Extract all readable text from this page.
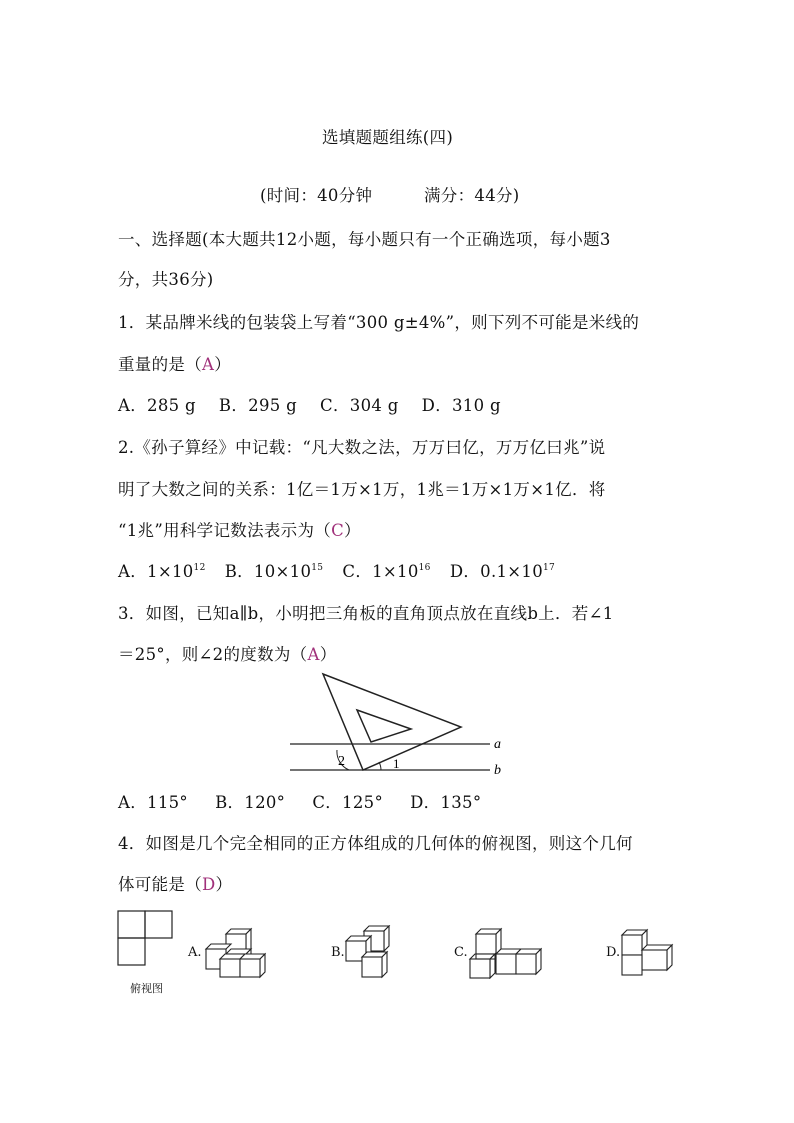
选填题题组练(四)
(时间：40分钟	满分：44分)
一、选择题(本大题共12小题，每小题只有一个正确选项，每小题3
分，共36分)
1．某品牌米线的包装袋上写着“300 g±4%”，则下列不可能是米线的
重量的是（A）
A．285 g B．295 g C．304 g D．310 g
2.《孙子算经》中记载：“凡大数之法，万万曰亿，万万亿曰兆”说
明了大数之间的关系：1亿＝1万×1万，1兆＝1万×1万×1亿．将
“1兆”用科学记数法表示为（C）
A．$1\times 10^{12}$ B．$10\times 10^{15}$ C．$1\times 10^{16}$ D．$0.1\times 10^{17}$
3．如图，已知a∥b，小明把三角板的直角顶点放在直线b上．若∠1
＝25°，则∠2的度数为（A）
a
b
2	1
A．115° B．120° C．125° D．135°
4．如图是几个完全相同的正方体组成的几何体的俯视图，则这个几何
体可能是（D）
俯视图
A.	B.	C.	D.
